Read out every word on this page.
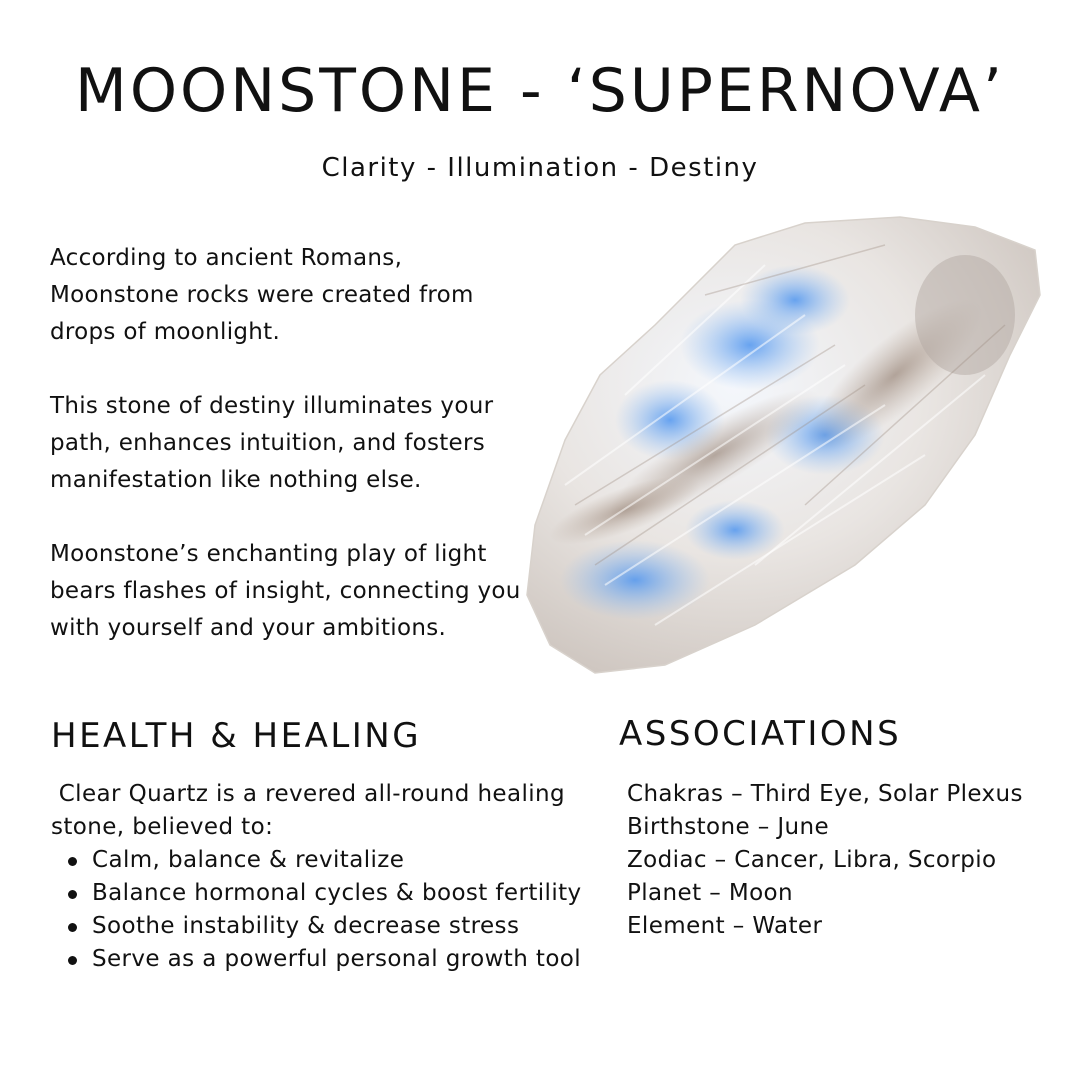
MOONSTONE - ‘SUPERNOVA’
Clarity - Illumination - Destiny

According to ancient Romans, Moonstone rocks were created from drops of moonlight.

This stone of destiny illuminates your path, enhances intuition, and fosters manifestation like nothing else.

Moonstone’s enchanting play of light bears flashes of insight, connecting you with yourself and your ambitions.

HEALTH & HEALING	ASSOCIATIONS

Clear Quartz is a revered all-round healing stone, believed to:

Calm, balance & revitalize
Balance hormonal cycles & boost fertility
Soothe instability & decrease stress
Serve as a powerful personal growth tool
Chakras – Third Eye, Solar Plexus
Birthstone – June
Zodiac – Cancer, Libra, Scorpio
Planet – Moon
Element – Water
